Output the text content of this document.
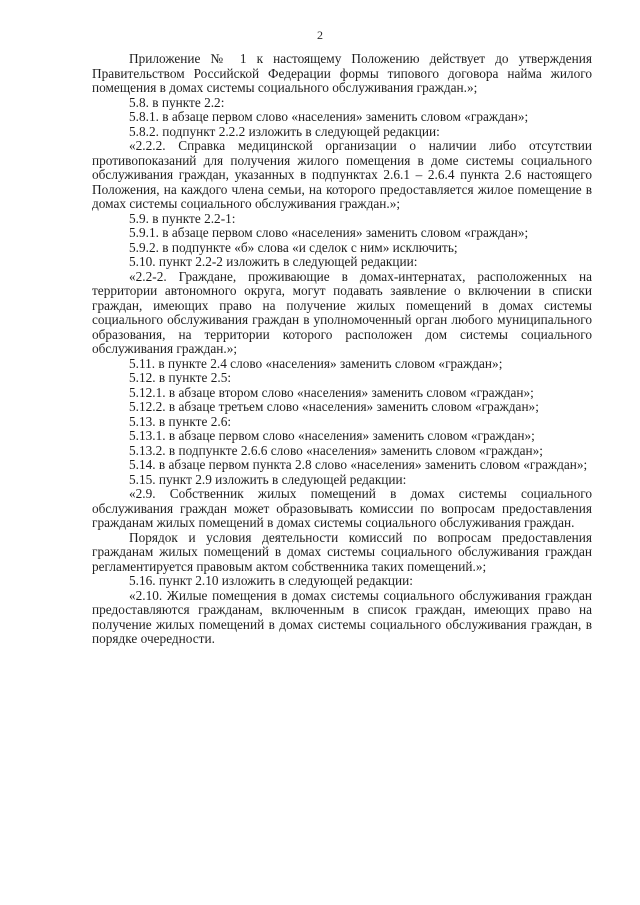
2

Приложение № 1 к настоящему Положению действует до утверждения Правительством Российской Федерации формы типового договора найма жилого помещения в домах системы социального обслуживания граждан.»;

5.8. в пункте 2.2:

5.8.1. в абзаце первом слово «населения» заменить словом «граждан»;

5.8.2. подпункт 2.2.2 изложить в следующей редакции:

«2.2.2. Справка медицинской организации о наличии либо отсутствии противопоказаний для получения жилого помещения в доме системы социального обслуживания граждан, указанных в подпунктах 2.6.1 – 2.6.4 пункта 2.6 настоящего Положения, на каждого члена семьи, на которого предоставляется жилое помещение в домах системы социального обслуживания граждан.»;

5.9. в пункте 2.2-1:

5.9.1. в абзаце первом слово «населения» заменить словом «граждан»;

5.9.2. в подпункте «б» слова «и сделок с ним» исключить;

5.10. пункт 2.2-2 изложить в следующей редакции:

«2.2-2. Граждане, проживающие в домах-интернатах, расположенных на территории автономного округа, могут подавать заявление о включении в списки граждан, имеющих право на получение жилых помещений в домах системы социального обслуживания граждан в уполномоченный орган любого муниципального образования, на территории которого расположен дом системы социального обслуживания граждан.»;

5.11. в пункте 2.4 слово «населения» заменить словом «граждан»;

5.12. в пункте 2.5:

5.12.1. в абзаце втором слово «населения» заменить словом «граждан»;

5.12.2. в абзаце третьем слово «населения» заменить словом «граждан»;

5.13. в пункте 2.6:

5.13.1. в абзаце первом слово «населения» заменить словом «граждан»;

5.13.2. в подпункте 2.6.6 слово «населения» заменить словом «граждан»;

5.14. в абзаце первом пункта 2.8 слово «населения» заменить словом «граждан»;

5.15. пункт 2.9 изложить в следующей редакции:

«2.9. Собственник жилых помещений в домах системы социального обслуживания граждан может образовывать комиссии по вопросам предоставления гражданам жилых помещений в домах системы социального обслуживания граждан.

Порядок и условия деятельности комиссий по вопросам предоставления гражданам жилых помещений в домах системы социального обслуживания граждан регламентируется правовым актом собственника таких помещений.»;

5.16. пункт 2.10 изложить в следующей редакции:

«2.10. Жилые помещения в домах системы социального обслуживания граждан предоставляются гражданам, включенным в список граждан, имеющих право на получение жилых помещений в домах системы социального обслуживания граждан, в порядке очередности.
